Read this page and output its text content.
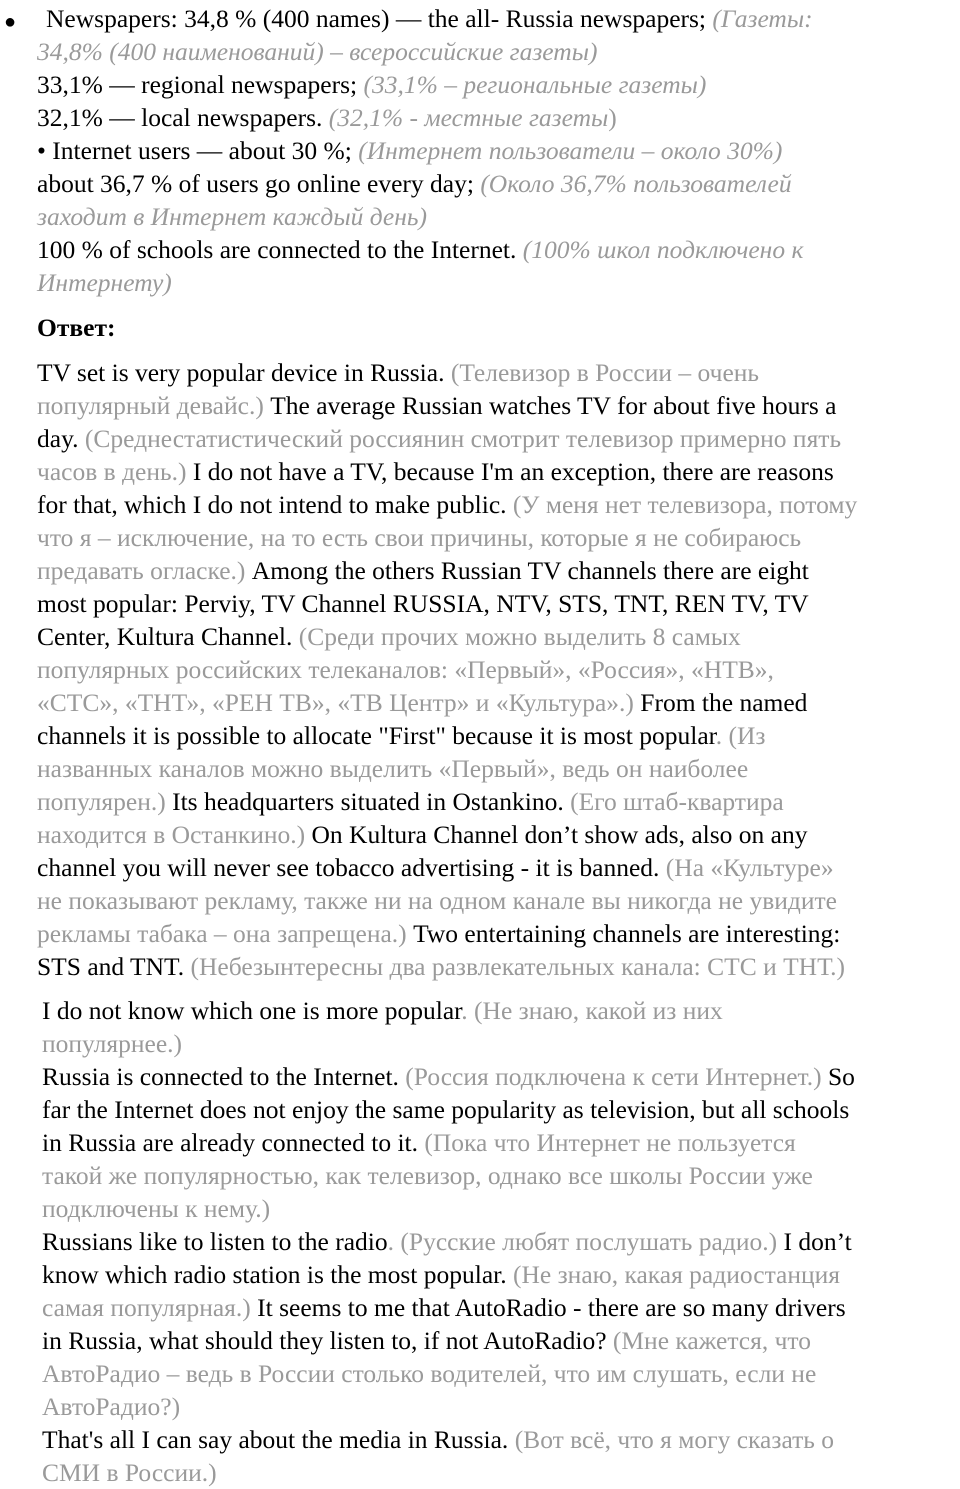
● Newspapers: 34,8 % (400 names) — the all- Russia newspapers; (Газеты:
34,8% (400 наименований) – всероссийские газеты)
33,1% — regional newspapers; (33,1% – региональные газеты)
32,1% — local newspapers. (32,1% - местные газеты)
• Internet users — about 30 %; (Интернет пользователи – около 30%)
about 36,7 % of users go online every day; (Около 36,7% пользователей
заходит в Интернет каждый день)
100 % of schools are connected to the Internet. (100% школ подключено к
Интернету)
Ответ:
TV set is very popular device in Russia. (Телевизор в России – очень
популярный девайс.) The average Russian watches TV for about five hours a
day. (Среднестатистический россиянин смотрит телевизор примерно пять
часов в день.) I do not have a TV, because I'm an exception, there are reasons
for that, which I do not intend to make public. (У меня нет телевизора, потому
что я – исключение, на то есть свои причины, которые я не собираюсь
предавать огласке.) Among the others Russian TV channels there are eight
most popular: Perviy, TV Channel RUSSIA, NTV, STS, TNT, REN TV, TV
Center, Kultura Channel. (Среди прочих можно выделить 8 самых
популярных российских телеканалов: «Первый», «Россия», «НТВ»,
«СТС», «ТНТ», «РЕН ТВ», «ТВ Центр» и «Культура».) From the named
channels it is possible to allocate "First" because it is most popular. (Из
названных каналов можно выделить «Первый», ведь он наиболее
популярен.) Its headquarters situated in Ostankino. (Его штаб-квартира
находится в Останкино.) On Kultura Channel don’t show ads, also on any
channel you will never see tobacco advertising - it is banned. (На «Культуре»
не показывают рекламу, также ни на одном канале вы никогда не увидите
рекламы табака – она запрещена.) Two entertaining channels are interesting:
STS and TNT. (Небезынтересны два развлекательных канала: СТС и ТНТ.)
I do not know which one is more popular. (Не знаю, какой из них
популярнее.)
Russia is connected to the Internet. (Россия подключена к сети Интернет.) So
far the Internet does not enjoy the same popularity as television, but all schools
in Russia are already connected to it. (Пока что Интернет не пользуется
такой же популярностью, как телевизор, однако все школы России уже
подключены к нему.)
Russians like to listen to the radio. (Русские любят послушать радио.) I don’t
know which radio station is the most popular. (Не знаю, какая радиостанция
самая популярная.) It seems to me that AutoRadio - there are so many drivers
in Russia, what should they listen to, if not AutoRadio? (Мне кажется, что
АвтоРадио – ведь в России столько водителей, что им слушать, если не
АвтоРадио?)
That's all I can say about the media in Russia. (Вот всё, что я могу сказать о
СМИ в России.)
